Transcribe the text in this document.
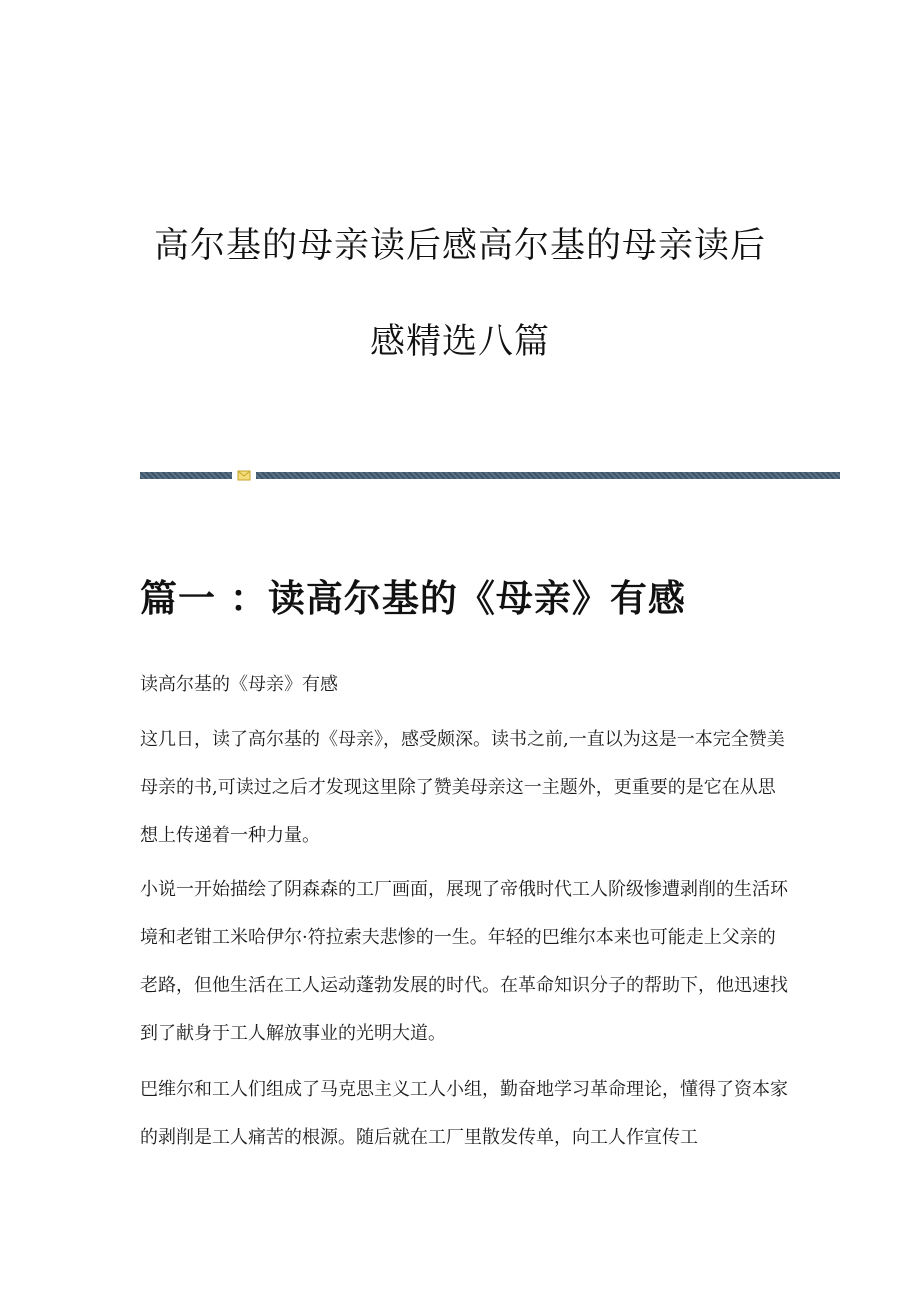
高尔基的母亲读后感高尔基的母亲读后
感精选八篇
篇一 ：读高尔基的《母亲》有感
读高尔基的《母亲》有感
这几日，读了高尔基的《母亲》，感受颇深。读书之前,一直以为这是一本完全赞美母亲的书,可读过之后才发现这里除了赞美母亲这一主题外，更重要的是它在从思想上传递着一种力量。
小说一开始描绘了阴森森的工厂画面，展现了帝俄时代工人阶级惨遭剥削的生活环境和老钳工米哈伊尔·符拉索夫悲惨的一生。年轻的巴维尔本来也可能走上父亲的老路，但他生活在工人运动蓬勃发展的时代。在革命知识分子的帮助下，他迅速找到了献身于工人解放事业的光明大道。
巴维尔和工人们组成了马克思主义工人小组，勤奋地学习革命理论，懂得了资本家的剥削是工人痛苦的根源。随后就在工厂里散发传单，向工人作宣传工
